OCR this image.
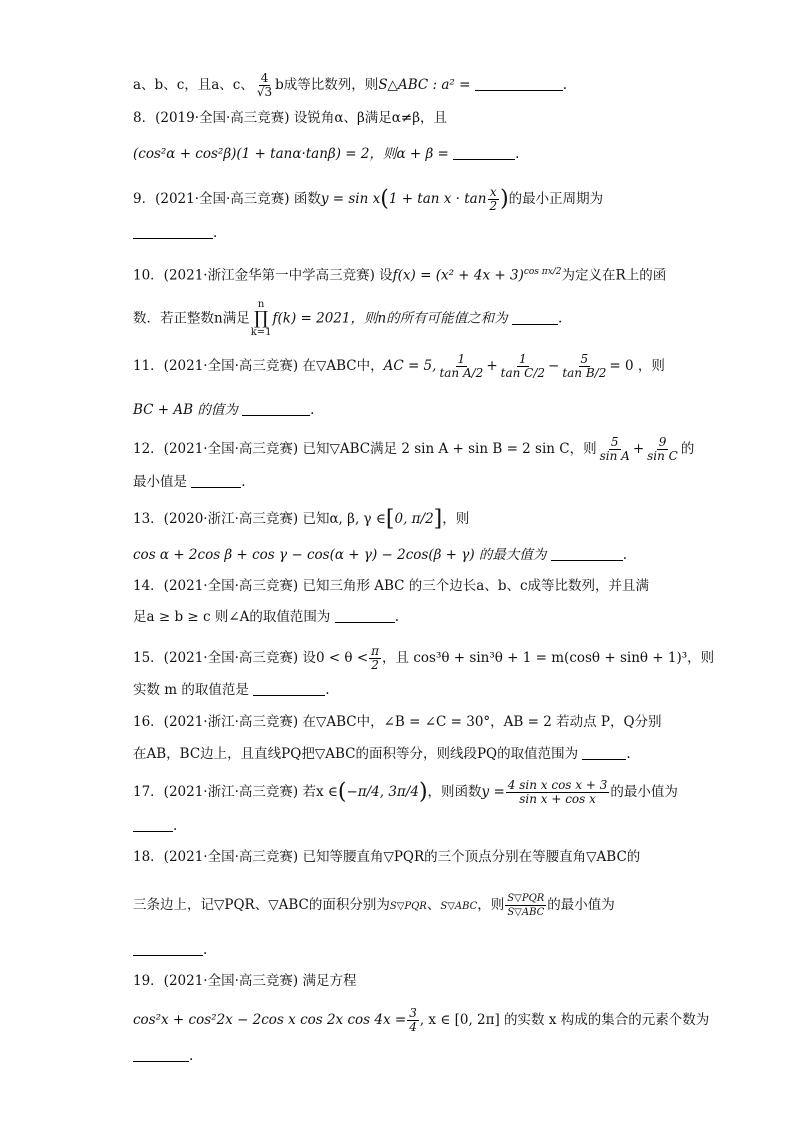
a、b、c，且a、c、 $\frac{4}{√3}$ b成等比数列，则S△ABC : a² =	.
8．(2019·全国·高三竞赛) 设锐角α、β满足α≠β，且
(cos²α + cos²β)(1 + tanα·tanβ) = 2，则α + β =	.
9．(2021·全国·高三竞赛) 函数$y = \sin x(1 + \tan x \cdot \tan \frac{x}{2}$ )的最小正周期为
.
10．(2021·浙江金华第一中学高三竞赛) 设$f(x) = (x^2 + 4x + 3)^{cos \pi x/2}$为定义在R上的函
数．若正整数n满足
n
∏
k=1
f(k) = 2021，则n的所有可能值之和为	.
11．(2021·全国·高三竞赛) 在▽ABC中，AC = 5, $\frac{1}{\text{tan A/2}} + \frac{1}{\text{tan C/2}} - \frac{5}{\text{tan B/2}} = 0$ ，则
BC + AB 的值为	.
12．(2021·全国·高三竞赛) 已知▽ABC满足 2 sin A + sin B = 2 sin C，则 $\frac{5}{\text{sin A}} + \frac{9}{\text{sin C}}$ 的
最小值是	.
13．(2020·浙江·高三竞赛) 已知α, β, γ ∈[0, π/2]，则
cos α + 2cos β + cos γ − cos(α + γ) − 2cos(β + γ) 的最大值为	.
14．(2021·全国·高三竞赛) 已知三角形 ABC 的三个边长a、b、c成等比数列，并且满
足a ≥ b ≥ c 则∠A的取值范围为	.
15．(2021·全国·高三竞赛) 设$0 < \theta < \frac{\pi}{2}$ ，且 cos³θ + sin³θ + 1 = m(cosθ + sinθ + 1)³，则
实数 m 的取值范是	.
16．(2021·浙江·高三竞赛) 在▽ABC中，∠B = ∠C = 30°，AB = 2 若动点 P，Q分别
在AB，BC边上，且直线PQ把▽ABC的面积等分，则线段PQ的取值范围为	.
17．(2021·浙江·高三竞赛) 若x ∈(−π/4, 3π/4)，则函数$y = \frac{\text{4 sin x cos x + 3}}{\text{sin x + cos x}}$ 的最小值为
.
18．(2021·全国·高三竞赛) 已知等腰直角▽PQR的三个顶点分别在等腰直角▽ABC的
三条边上，记▽PQR、▽ABC的面积分别为S▽PQR、S▽ABC，则 $\frac{\text{S▽PQR}}{\text{S▽ABC}}$ 的最小值为
.
19．(2021·全国·高三竞赛) 满足方程
cos²x + cos²2x − 2cos x cos 2x $\cos 4x = \frac{3}{4}$ , x ∈ [0, 2π] 的实数 x 构成的集合的元素个数为
.
